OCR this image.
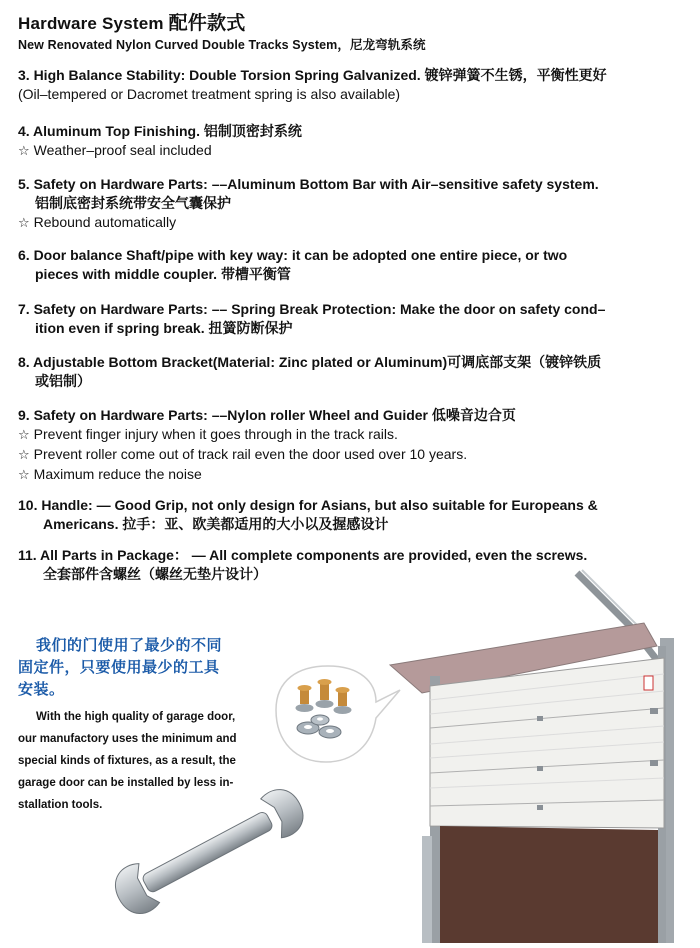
Hardware System 配件款式
New Renovated Nylon Curved Double Tracks System，尼龙弯轨系统
3. High Balance Stability: Double Torsion Spring Galvanized. 镀锌弹簧不生锈，平衡性更好
(Oil–tempered or Dacromet treatment spring is also available)
4. Aluminum Top Finishing. 铝制顶密封系统
☆ Weather–proof seal included
5. Safety on Hardware Parts: ––Aluminum Bottom Bar with Air–sensitive safety system.
铝制底密封系统带安全气囊保护
☆ Rebound automatically
6. Door balance Shaft/pipe with key way: it can be adopted one entire piece, or two
pieces with middle coupler. 带槽平衡管
7. Safety on Hardware Parts: –– Spring Break Protection: Make the door on safety cond–
ition even if spring break. 扭簧防断保护
8. Adjustable Bottom Bracket(Material: Zinc plated or Aluminum)可调底部支架（镀锌铁质
或铝制）
9. Safety on Hardware Parts: ––Nylon roller Wheel and Guider 低噪音边合页
☆ Prevent finger injury when it goes through in the track rails.
☆ Prevent roller come out of track rail even the door used over 10 years.
☆ Maximum reduce the noise
10. Handle: — Good Grip, not only design for Asians, but also suitable for Europeans &
Americans. 拉手：亚、欧美都适用的大小以及握感设计
11. All Parts in Package： — All complete components are provided, even the screws.
全套部件含螺丝（螺丝无垫片设计）
我们的门使用了最少的不同
固定件，只要使用最少的工具
安装。
With the high quality of garage door,
our manufactory uses the minimum and
special kinds of fixtures, as a result, the
garage door can be installed by less in-
stallation tools.
